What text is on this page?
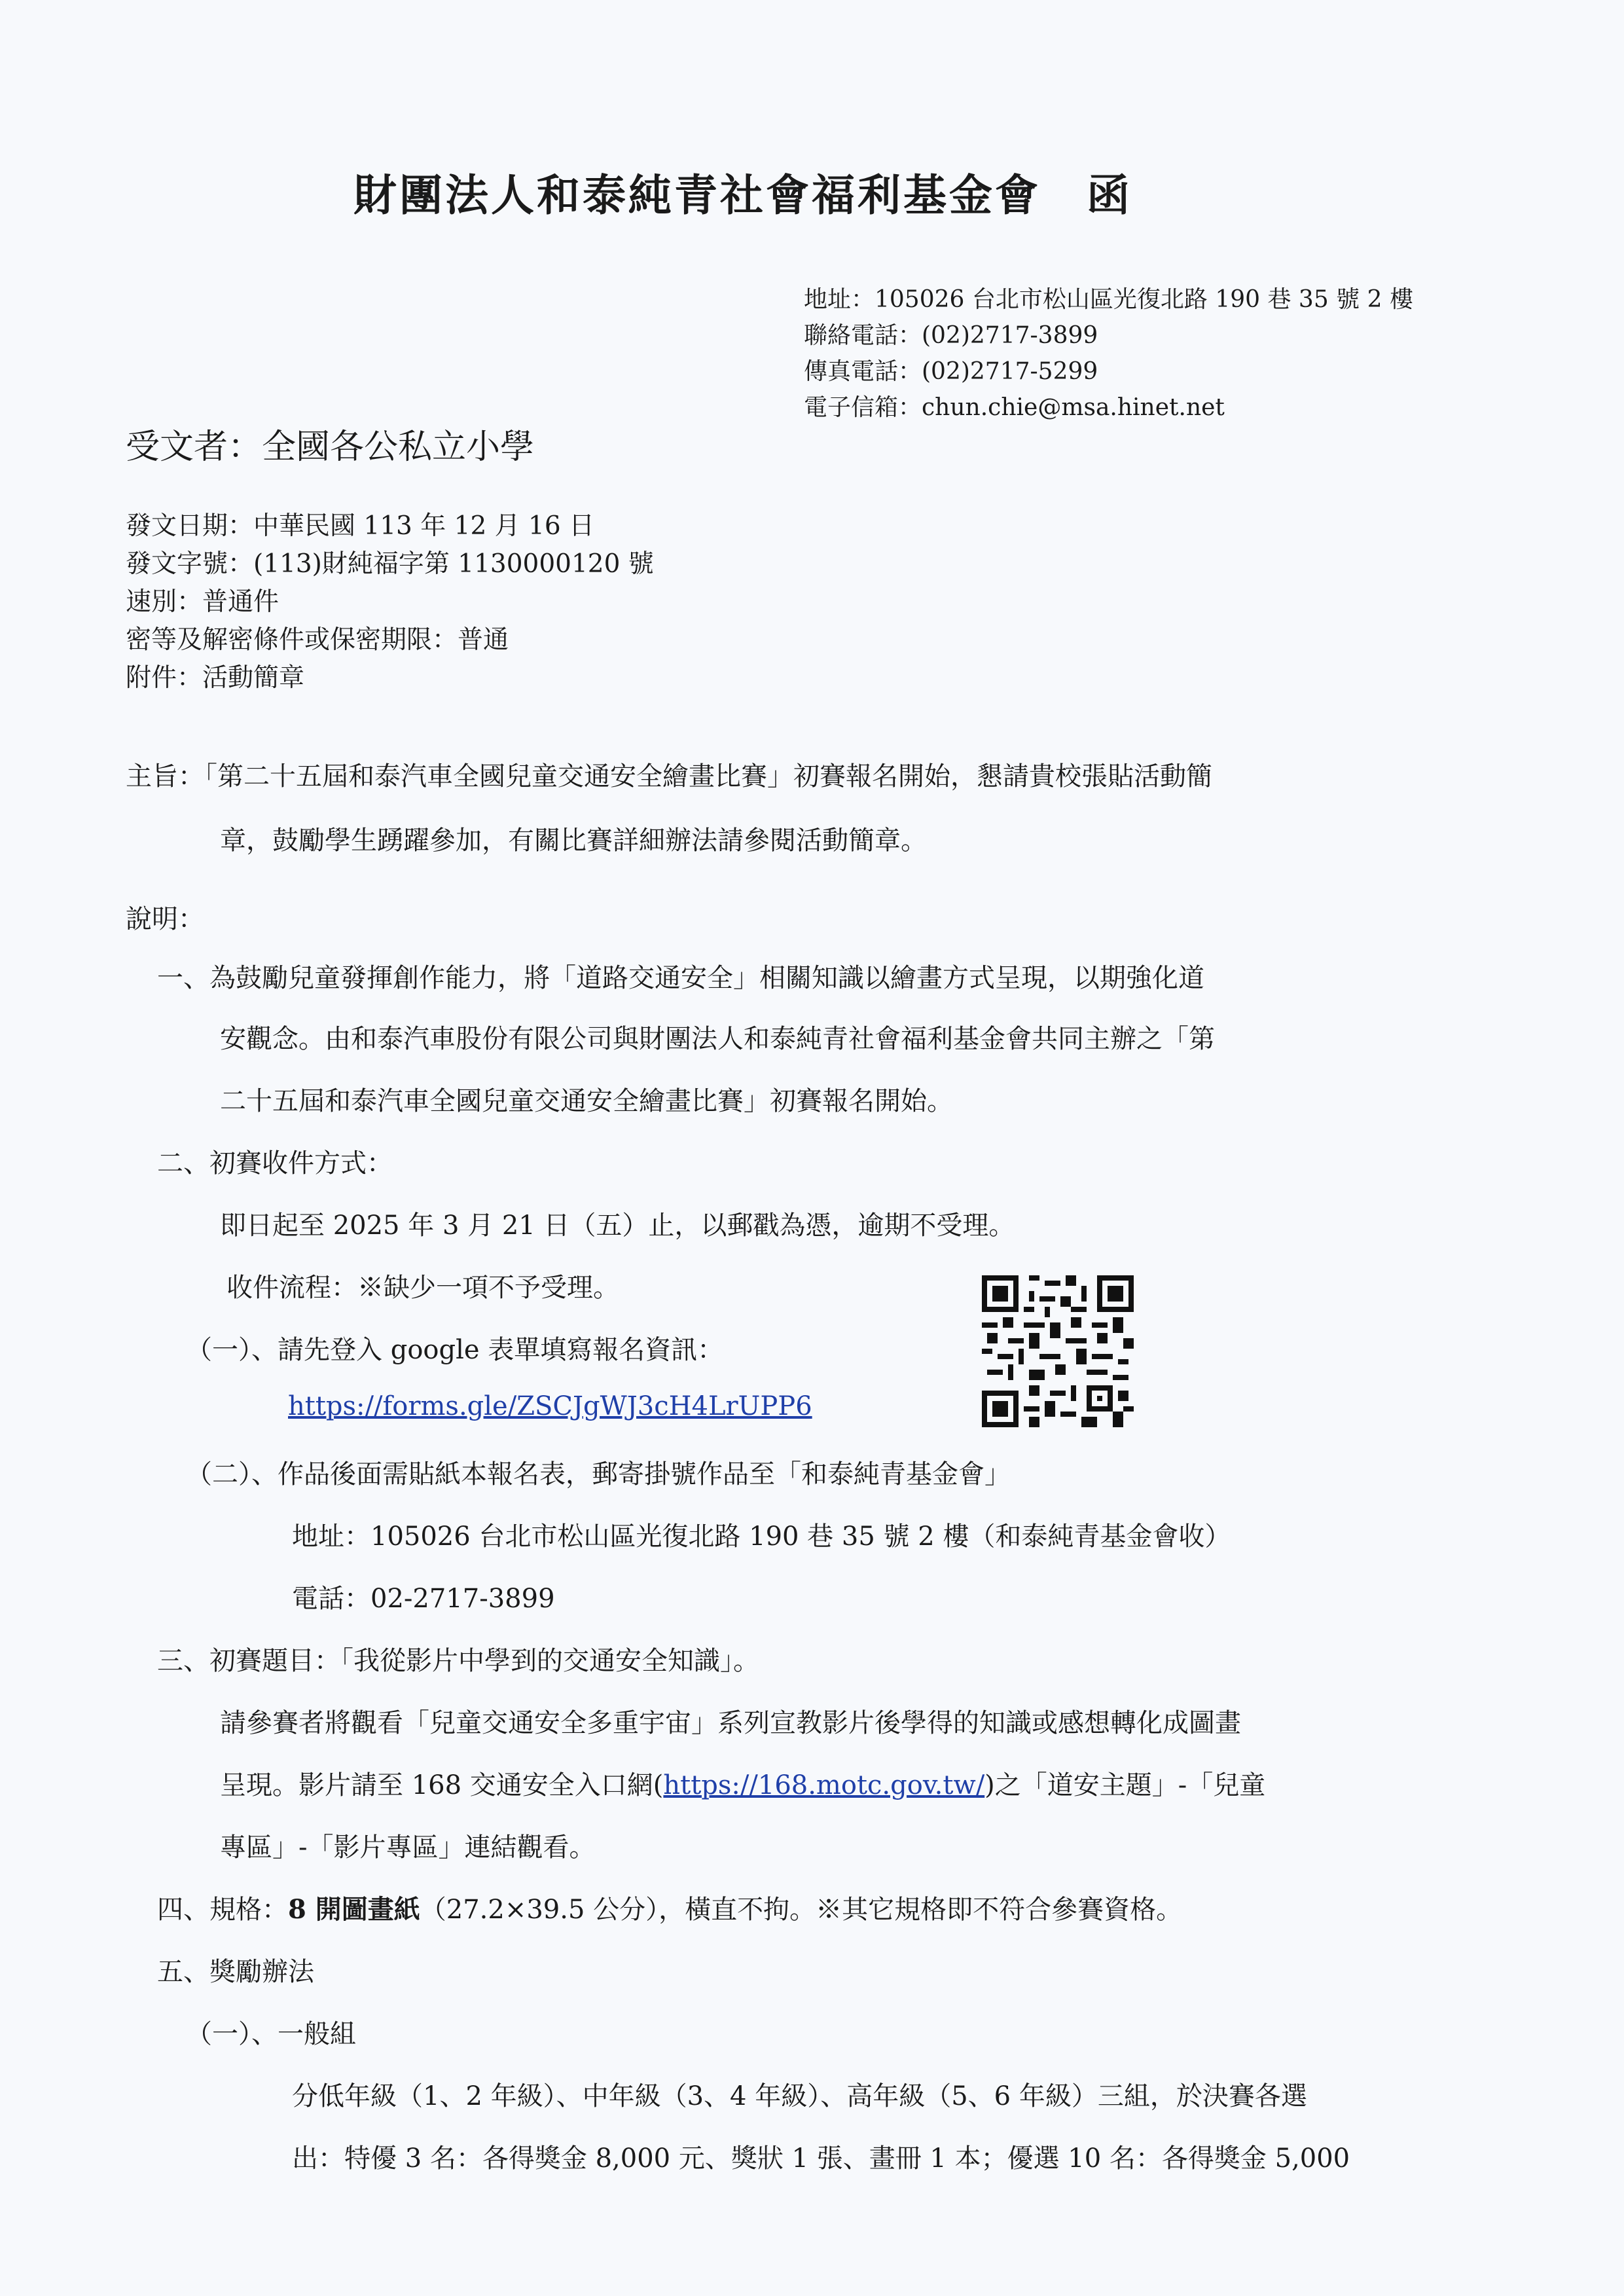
財團法人和泰純青社會福利基金會　函
地址：105026 台北市松山區光復北路 190 巷 35 號 2 樓
聯絡電話：(02)2717-3899
傳真電話：(02)2717-5299
電子信箱：chun.chie@msa.hinet.net
受文者：全國各公私立小學
發文日期：中華民國 113 年 12 月 16 日
發文字號：(113)財純福字第 1130000120 號
速別：普通件
密等及解密條件或保密期限：普通
附件：活動簡章
主旨：「第二十五屆和泰汽車全國兒童交通安全繪畫比賽」初賽報名開始，懇請貴校張貼活動簡
章，鼓勵學生踴躍參加，有關比賽詳細辦法請參閱活動簡章。
說明：
一、為鼓勵兒童發揮創作能力，將「道路交通安全」相關知識以繪畫方式呈現，以期強化道
安觀念。由和泰汽車股份有限公司與財團法人和泰純青社會福利基金會共同主辦之「第
二十五屆和泰汽車全國兒童交通安全繪畫比賽」初賽報名開始。
二、初賽收件方式：
即日起至 2025 年 3 月 21 日（五）止，以郵戳為憑，逾期不受理。
收件流程：※缺少一項不予受理。
（一）、請先登入 google 表單填寫報名資訊：
https://forms.gle/ZSCJgWJ3cH4LrUPP6
（二）、作品後面需貼紙本報名表，郵寄掛號作品至「和泰純青基金會」
地址：105026 台北市松山區光復北路 190 巷 35 號 2 樓（和泰純青基金會收）
電話：02-2717-3899
三、初賽題目：「我從影片中學到的交通安全知識」。
請參賽者將觀看「兒童交通安全多重宇宙」系列宣教影片後學得的知識或感想轉化成圖畫
呈現。影片請至 168 交通安全入口網(https://168.motc.gov.tw/)之「道安主題」-「兒童
專區」-「影片專區」連結觀看。
四、規格：8 開圖畫紙（27.2×39.5 公分），橫直不拘。※其它規格即不符合參賽資格。
五、獎勵辦法
（一）、一般組
分低年級（1、2 年級）、中年級（3、4 年級）、高年級（5、6 年級）三組，於決賽各選
出：特優 3 名：各得獎金 8,000 元、獎狀 1 張、畫冊 1 本；優選 10 名：各得獎金 5,000
